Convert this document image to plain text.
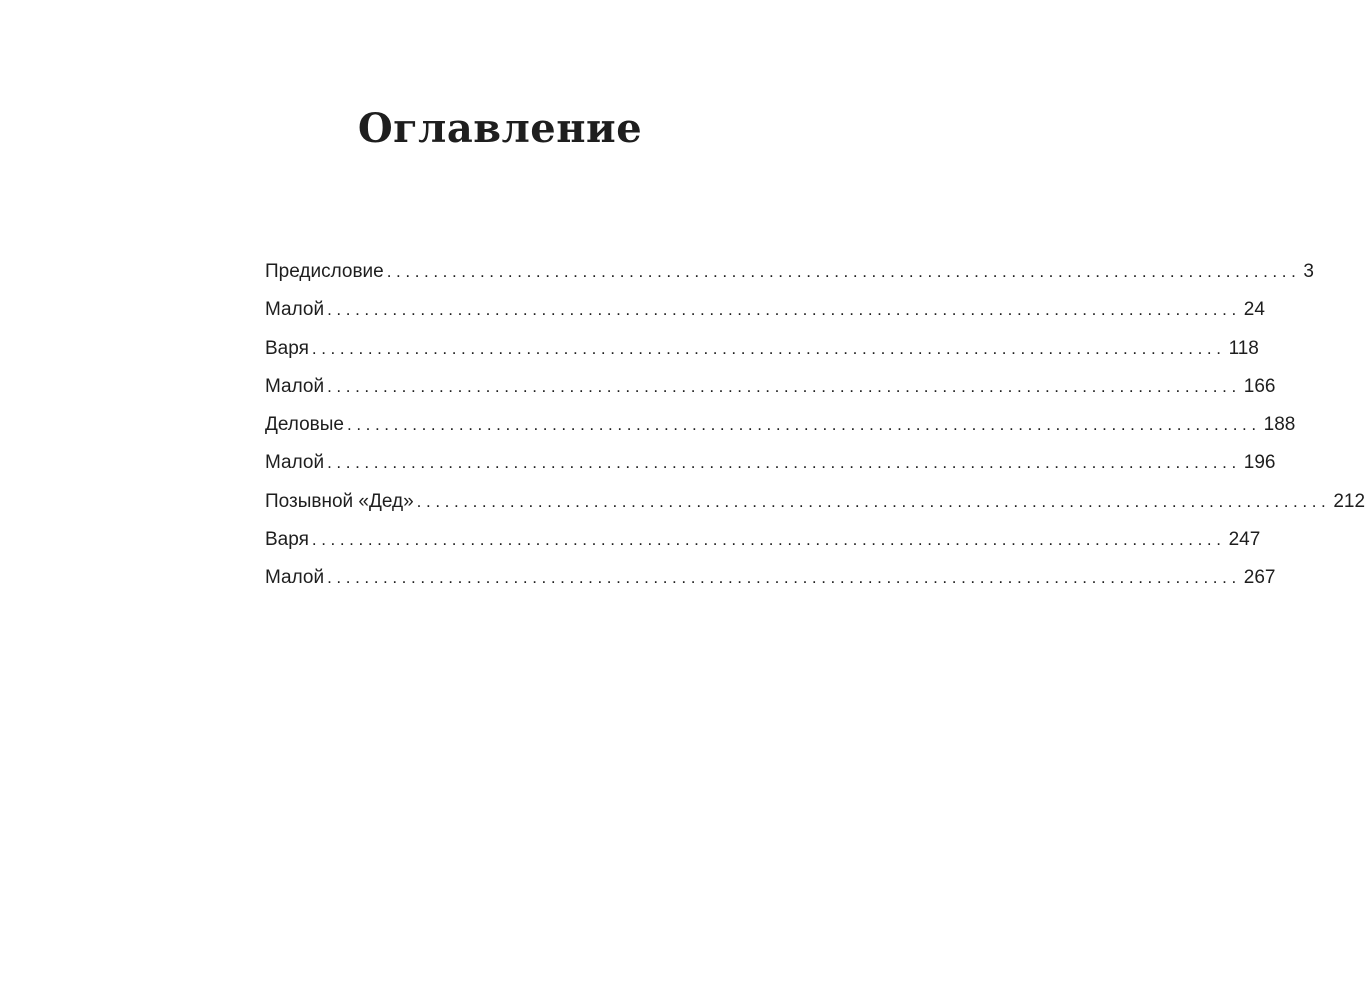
Оглавление
Предисловие .................................................................................................. 3
Малой .................................................................................................. 24
Варя .................................................................................................. 118
Малой .................................................................................................. 166
Деловые .................................................................................................. 188
Малой .................................................................................................. 196
Позывной «Дед» .................................................................................................. 212
Варя .................................................................................................. 247
Малой .................................................................................................. 267
